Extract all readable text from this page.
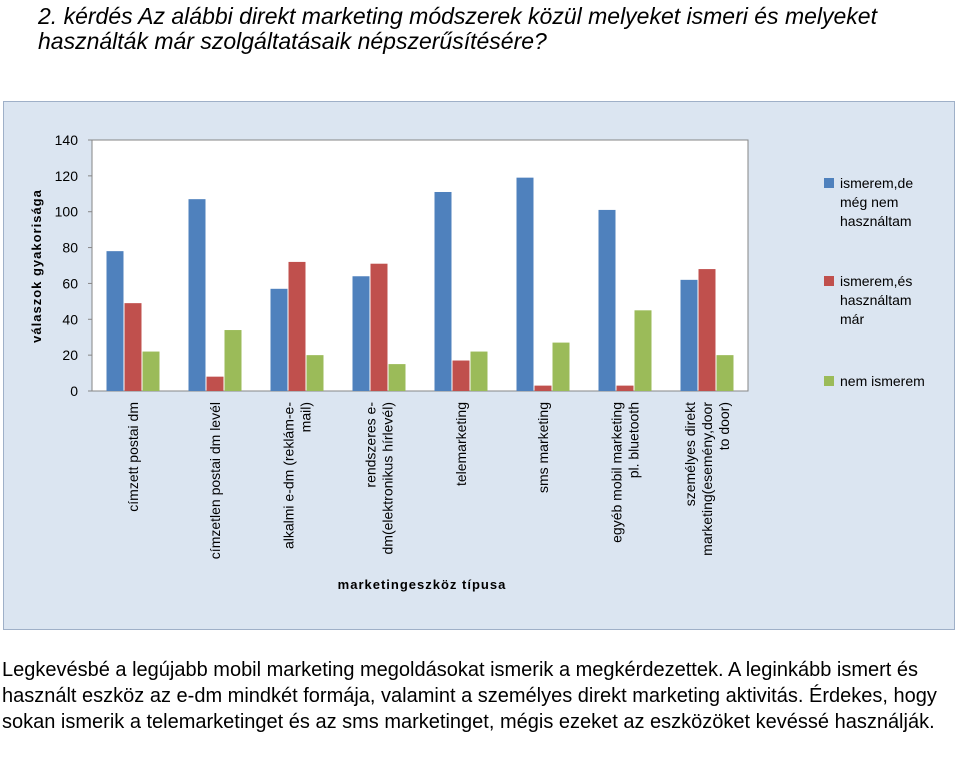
2. kérdés Az alábbi direkt marketing módszerek közül melyeket ismeri és melyeket használták már szolgáltatásaik népszerűsítésére?
0
20
40
60
80
100
120
140
válaszok gyakorisága
címzett postai dm	címzetlen postai dm levél	alkalmi e-dm (reklám-e- mail)	rendszeres e- dm(elektronikus hírlevél)	telemarketing	sms marketing	egyéb mobil marketing pl. bluetooth	személyes direkt marketing(esemény,door to door)
marketingeszköz típusa
ismerem,de
még nem
használtam
ismerem,és
használtam
már
nem ismerem

Legkevésbé a legújabb mobil marketing megoldásokat ismerik a megkérdezettek. A leginkább ismert és használt eszköz az e-dm mindkét formája, valamint a személyes direkt marketing aktivitás. Érdekes, hogy sokan ismerik a telemarketinget és az sms marketinget, mégis ezeket az eszközöket kevéssé használják.
